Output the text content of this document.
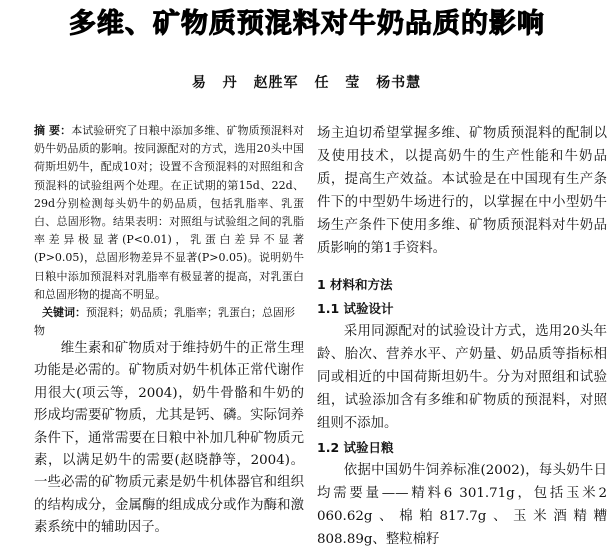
多维、矿物质预混料对牛奶品质的影响
易 丹 赵胜军 任 莹 杨书慧

摘 要：本试验研究了日粮中添加多维、矿物质预混料对奶牛奶品质的影响。按同源配对的方式，选用20头中国荷斯坦奶牛，配成10对；设置不含预混料的对照组和含预混料的试验组两个处理。在正试期的第15d、22d、29d分别检测每头奶牛的奶品质，包括乳脂率、乳蛋白、总固形物。结果表明：对照组与试验组之间的乳脂率差异极显著(P<0.01)，乳蛋白差异不显著(P>0.05)，总固形物差异不显著(P>0.05)。说明奶牛日粮中添加预混料对乳脂率有极显著的提高，对乳蛋白和总固形物的提高不明显。

关键词：预混料；奶品质；乳脂率；乳蛋白；总固形物

维生素和矿物质对于维持奶牛的正常生理功能是必需的。矿物质对奶牛机体正常代谢作用很大(项云等，2004)，奶牛骨骼和牛奶的形成均需要矿物质，尤其是钙、磷。实际饲养条件下，通常需要在日粮中补加几种矿物质元素，以满足奶牛的需要(赵晓静等，2004)。一些必需的矿物质元素是奶牛机体器官和组织的结构成分，金属酶的组成成分或作为酶和激素系统中的辅助因子。

场主迫切希望掌握多维、矿物质预混料的配制以及使用技术，以提高奶牛的生产性能和牛奶品质，提高生产效益。本试验是在中国现有生产条件下的中型奶牛场进行的，以掌握在中小型奶牛场生产条件下使用多维、矿物质预混料对牛奶品质影响的第1手资料。

1 材料和方法

1.1 试验设计

采用同源配对的试验设计方式，选用20头年龄、胎次、营养水平、产奶量、奶品质等指标相同或相近的中国荷斯坦奶牛。分为对照组和试验组，试验添加含有多维和矿物质的预混料，对照组则不添加。

1.2 试验日粮

依据中国奶牛饲养标准(2002)，每头奶牛日均需要量——精料6 301.71g，包括玉米2 060.62g、棉粕817.7g、玉米酒精糟808.89g、整粒棉籽
